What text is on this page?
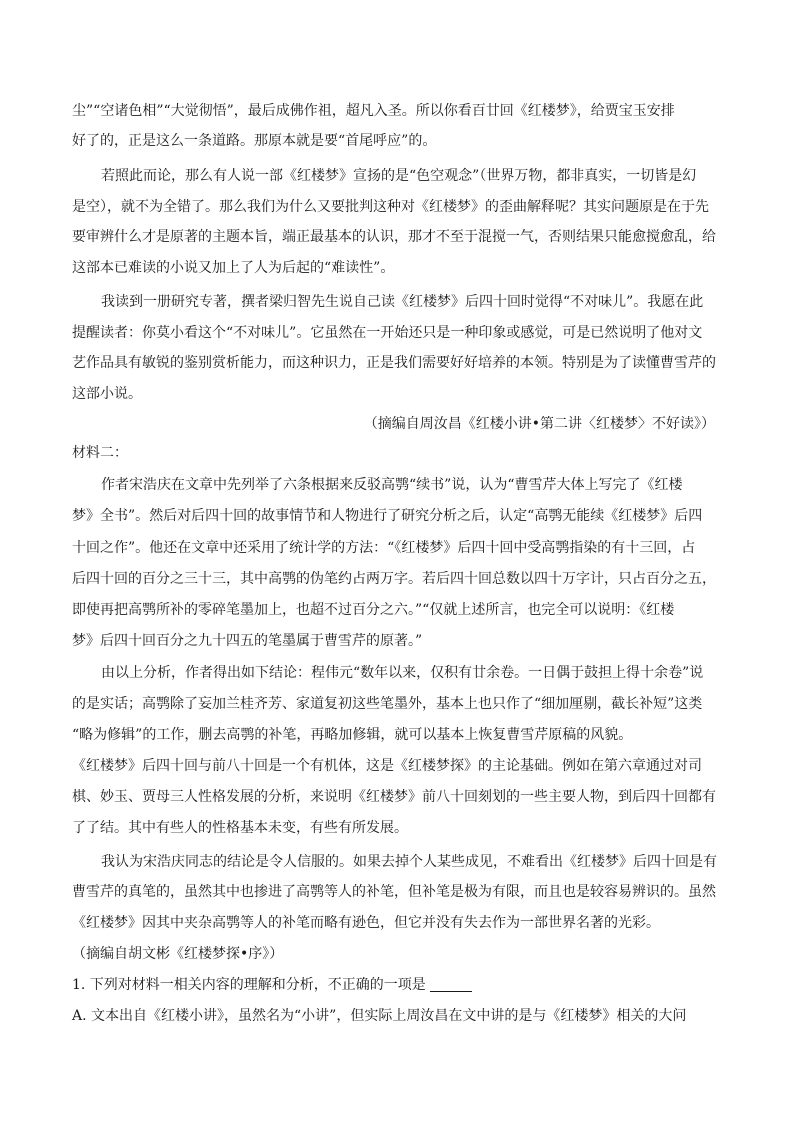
尘”“空诸色相”“大觉彻悟”，最后成佛作祖，超凡入圣。所以你看百廿回《红楼梦》，给贾宝玉安排
好了的，正是这么一条道路。那原本就是要“首尾呼应”的。
若照此而论，那么有人说一部《红楼梦》宣扬的是“色空观念”（世界万物，都非真实，一切皆是幻
是空），就不为全错了。那么我们为什么又要批判这种对《红楼梦》的歪曲解释呢？其实问题原是在于先
要审辨什么才是原著的主题本旨，端正最基本的认识，那才不至于混搅一气，否则结果只能愈搅愈乱，给
这部本已难读的小说又加上了人为后起的“难读性”。
我读到一册研究专著，撰者梁归智先生说自己读《红楼梦》后四十回时觉得“不对味儿”。我愿在此
提醒读者：你莫小看这个“不对味儿”。它虽然在一开始还只是一种印象或感觉，可是已然说明了他对文
艺作品具有敏锐的鉴别赏析能力，而这种识力，正是我们需要好好培养的本领。特别是为了读懂曹雪芹的
这部小说。
（摘编自周汝昌《红楼小讲•第二讲〈红楼梦〉不好读》）
材料二：
作者宋浩庆在文章中先列举了六条根据来反驳高鹗“续书”说，认为“曹雪芹大体上写完了《红楼
梦》全书”。然后对后四十回的故事情节和人物进行了研究分析之后，认定“高鹗无能续《红楼梦》后四
十回之作”。他还在文章中还采用了统计学的方法：“《红楼梦》后四十回中受高鹗指染的有十三回，占
后四十回的百分之三十三，其中高鹗的伪笔约占两万字。若后四十回总数以四十万字计，只占百分之五，
即使再把高鹗所补的零碎笔墨加上，也超不过百分之六。”“仅就上述所言，也完全可以说明：《红楼
梦》后四十回百分之九十四五的笔墨属于曹雪芹的原著。”
由以上分析，作者得出如下结论：程伟元“数年以来，仅积有廿余卷。一日偶于鼓担上得十余卷”说
的是实话；高鹗除了妄加兰桂齐芳、家道复初这些笔墨外，基本上也只作了“细加厘剔，截长补短”这类
“略为修辑”的工作，删去高鹗的补笔，再略加修辑，就可以基本上恢复曹雪芹原稿的风貌。
《红楼梦》后四十回与前八十回是一个有机体，这是《红楼梦探》的主论基础。例如在第六章通过对司
棋、妙玉、贾母三人性格发展的分析，来说明《红楼梦》前八十回刻划的一些主要人物，到后四十回都有
了了结。其中有些人的性格基本未变，有些有所发展。
我认为宋浩庆同志的结论是令人信服的。如果去掉个人某些成见，不难看出《红楼梦》后四十回是有
曹雪芹的真笔的，虽然其中也掺进了高鹗等人的补笔，但补笔是极为有限，而且也是较容易辨识的。虽然
《红楼梦》因其中夹杂高鹗等人的补笔而略有逊色，但它并没有失去作为一部世界名著的光彩。
（摘编自胡文彬《红楼梦探•序》）
1. 下列对材料一相关内容的理解和分析，不正确的一项是
A. 文本出自《红楼小讲》，虽然名为“小讲”，但实际上周汝昌在文中讲的是与《红楼梦》相关的大问
